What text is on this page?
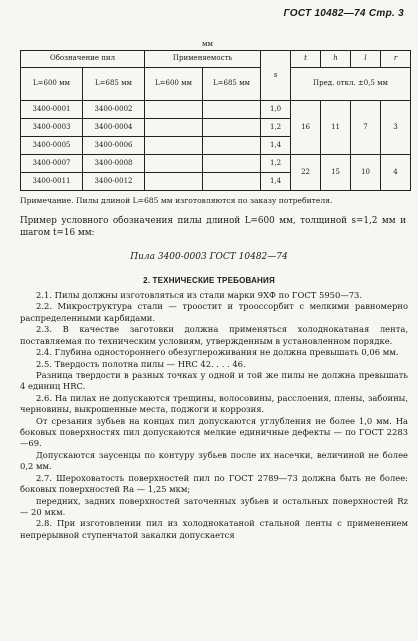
ГОСТ 10482—74 Стр. 3
мм
Обозначение пил		Применяемость		s	t	h	l	r
L=600 мм	L=685 мм	L=600 мм	L=685 мм		Пред. откл. ±0,5 мм			
3400-0001	3400-0002			1,0	16	11	7	3
3400-0003	3400-0004			1,2				
3400-0005	3400-0006			1,4				
3400-0007	3400-0008			1,2	22	15	10	4
3400-0011	3400-0012			1,4				
Примечание. Пилы длиной L=685 мм изготовляются по заказу потребителя.
Пример условного обозначения пилы длиной L=600 мм, толщиной s=1,2 мм и шагом t=16 мм:
Пила 3400-0003 ГОСТ 10482—74
2. ТЕХНИЧЕСКИЕ ТРЕБОВАНИЯ

2.1. Пилы должны изготовляться из стали марки 9ХФ по ГОСТ 5950—73.

2.2. Микроструктура стали — троостит и трооссорбит с мелкими равномерно распределенными карбидами.

2.3. В качестве заготовки должна применяться холоднокатаная лента, поставляемая по техническим условиям, утвержденным в установленном порядке.

2.4. Глубина одностороннего обезуглероживания не должна превышать 0,06 мм.

2.5. Твердость полотна пилы — HRC 42. . . . 46.

Разница твердости в разных точках у одной и той же пилы не должна превышать 4 единиц HRC.

2.6. На пилах не допускаются трещины, волосовины, расслоения, плены, забоины, черновины, выкрошенные места, поджоги и коррозия.

От срезания зубьев на концах пил допускаются углубления не более 1,0 мм. На боковых поверхностях пил допускаются мелкие единичные дефекты — по ГОСТ 2283—69.

Допускаются заусенцы по контуру зубьев после их насечки, величиной не более 0,2 мм.

2.7. Шероховатость поверхностей пил по ГОСТ 2789—73 должна быть не более: боковых поверхностей Ra — 1,25 мкм;

передних, задних поверхностей заточенных зубьев и остальных поверхностей Rz — 20 мкм.

2.8. При изготовлении пил из холоднокатаной стальной ленты с применением непрерывной ступенчатой закалки допускается
